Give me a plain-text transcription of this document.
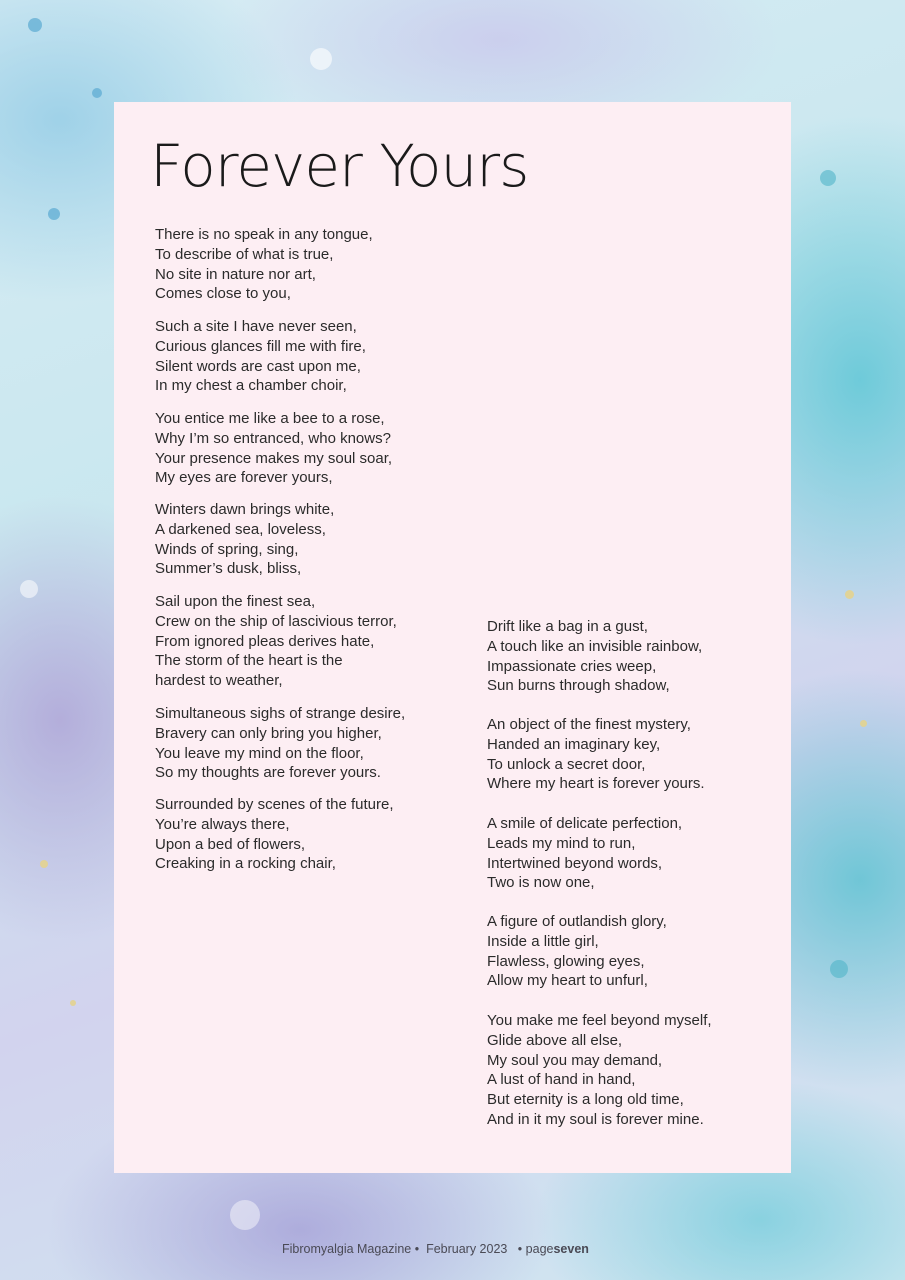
Forever Yours
There is no speak in any tongue,
To describe of what is true,
No site in nature nor art,
Comes close to you,
Such a site I have never seen,
Curious glances fill me with fire,
Silent words are cast upon me,
In my chest a chamber choir,
You entice me like a bee to a rose,
Why I’m so entranced, who knows?
Your presence makes my soul soar,
My eyes are forever yours,
Winters dawn brings white,
A darkened sea, loveless,
Winds of spring, sing,
Summer’s dusk, bliss,
Sail upon the finest sea,
Crew on the ship of lascivious terror,
From ignored pleas derives hate,
The storm of the heart is the
hardest to weather,
Simultaneous sighs of strange desire,
Bravery can only bring you higher,
You leave my mind on the floor,
So my thoughts are forever yours.
Surrounded by scenes of the future,
You’re always there,
Upon a bed of flowers,
Creaking in a rocking chair,
Drift like a bag in a gust,
A touch like an invisible rainbow,
Impassionate cries weep,
Sun burns through shadow,
An object of the finest mystery,
Handed an imaginary key,
To unlock a secret door,
Where my heart is forever yours.
A smile of delicate perfection,
Leads my mind to run,
Intertwined beyond words,
Two is now one,
A figure of outlandish glory,
Inside a little girl,
Flawless, glowing eyes,
Allow my heart to unfurl,
You make me feel beyond myself,
Glide above all else,
My soul you may demand,
A lust of hand in hand,
But eternity is a long old time,
And in it my soul is forever mine.
Fibromyalgia Magazine • February 2023 • pageseven
